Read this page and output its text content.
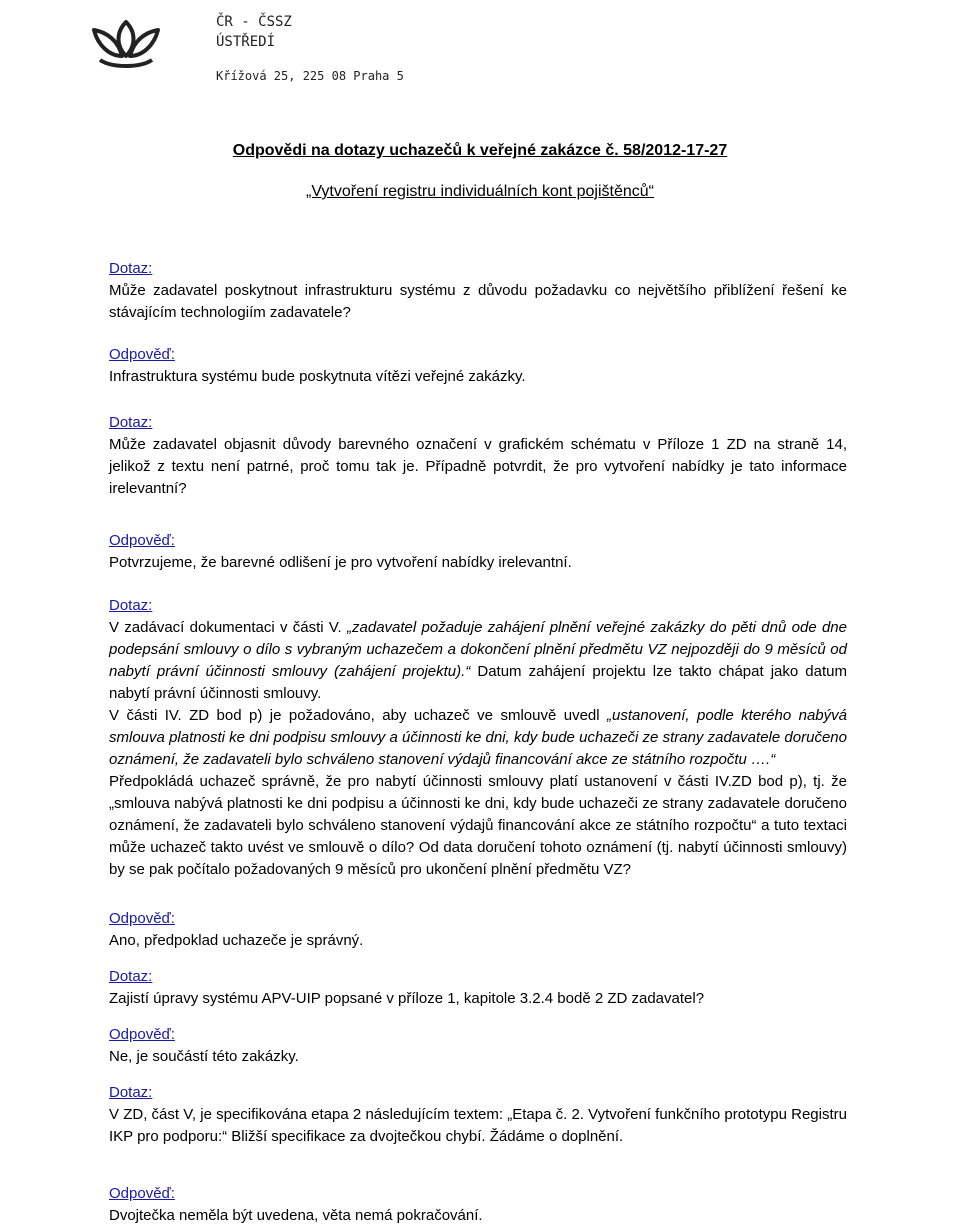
ČR - ČSSZ
ÚSTŘEDÍ
Křížová 25, 225 08 Praha 5
Odpovědi na dotazy uchazečů k veřejné zakázce č. 58/2012-17-27
„Vytvoření registru individuálních kont pojištěnců“
Dotaz:
Může zadavatel poskytnout infrastrukturu systému z důvodu požadavku co největšího přiblížení řešení ke stávajícím technologiím zadavatele?
Odpověď:
Infrastruktura systému bude poskytnuta vítězi veřejné zakázky.
Dotaz:
Může zadavatel objasnit důvody barevného označení v grafickém schématu v Příloze 1 ZD na straně 14, jelikož z textu není patrné, proč tomu tak je. Případně potvrdit, že pro vytvoření nabídky je tato informace irelevantní?
Odpověď:
Potvrzujeme, že barevné odlišení je pro vytvoření nabídky irelevantní.
Dotaz:

V zadávací dokumentaci v části V. „zadavatel požaduje zahájení plnění veřejné zakázky do pěti dnů ode dne podepsání smlouvy o dílo s vybraným uchazečem a dokončení plnění předmětu VZ nejpozději do 9 měsíců od nabytí právní účinnosti smlouvy (zahájení projektu).“ Datum zahájení projektu lze takto chápat jako datum nabytí právní účinnosti smlouvy.

V části IV. ZD bod p) je požadováno, aby uchazeč ve smlouvě uvedl „ustanovení, podle kterého nabývá smlouva platnosti ke dni podpisu smlouvy a účinnosti ke dni, kdy bude uchazeči ze strany zadavatele doručeno oznámení, že zadavateli bylo schváleno stanovení výdajů financování akce ze státního rozpočtu ….“

Předpokládá uchazeč správně, že pro nabytí účinnosti smlouvy platí ustanovení v části IV.ZD bod p), tj. že „smlouva nabývá platnosti ke dni podpisu a účinnosti ke dni, kdy bude uchazeči ze strany zadavatele doručeno oznámení, že zadavateli bylo schváleno stanovení výdajů financování akce ze státního rozpočtu“ a tuto textaci může uchazeč takto uvést ve smlouvě o dílo? Od data doručení tohoto oznámení (tj. nabytí účinnosti smlouvy) by se pak počítalo požadovaných 9 měsíců pro ukončení plnění předmětu VZ?

Odpověď:
Ano, předpoklad uchazeče je správný.
Dotaz:
Zajistí úpravy systému APV-UIP popsané v příloze 1, kapitole 3.2.4 bodě 2 ZD zadavatel?
Odpověď:
Ne, je součástí této zakázky.
Dotaz:
V ZD, část V, je specifikována etapa 2 následujícím textem: „Etapa č. 2. Vytvoření funkčního prototypu Registru IKP pro podporu:“ Bližší specifikace za dvojtečkou chybí. Žádáme o doplnění.
Odpověď:
Dvojtečka neměla být uvedena, věta nemá pokračování.
